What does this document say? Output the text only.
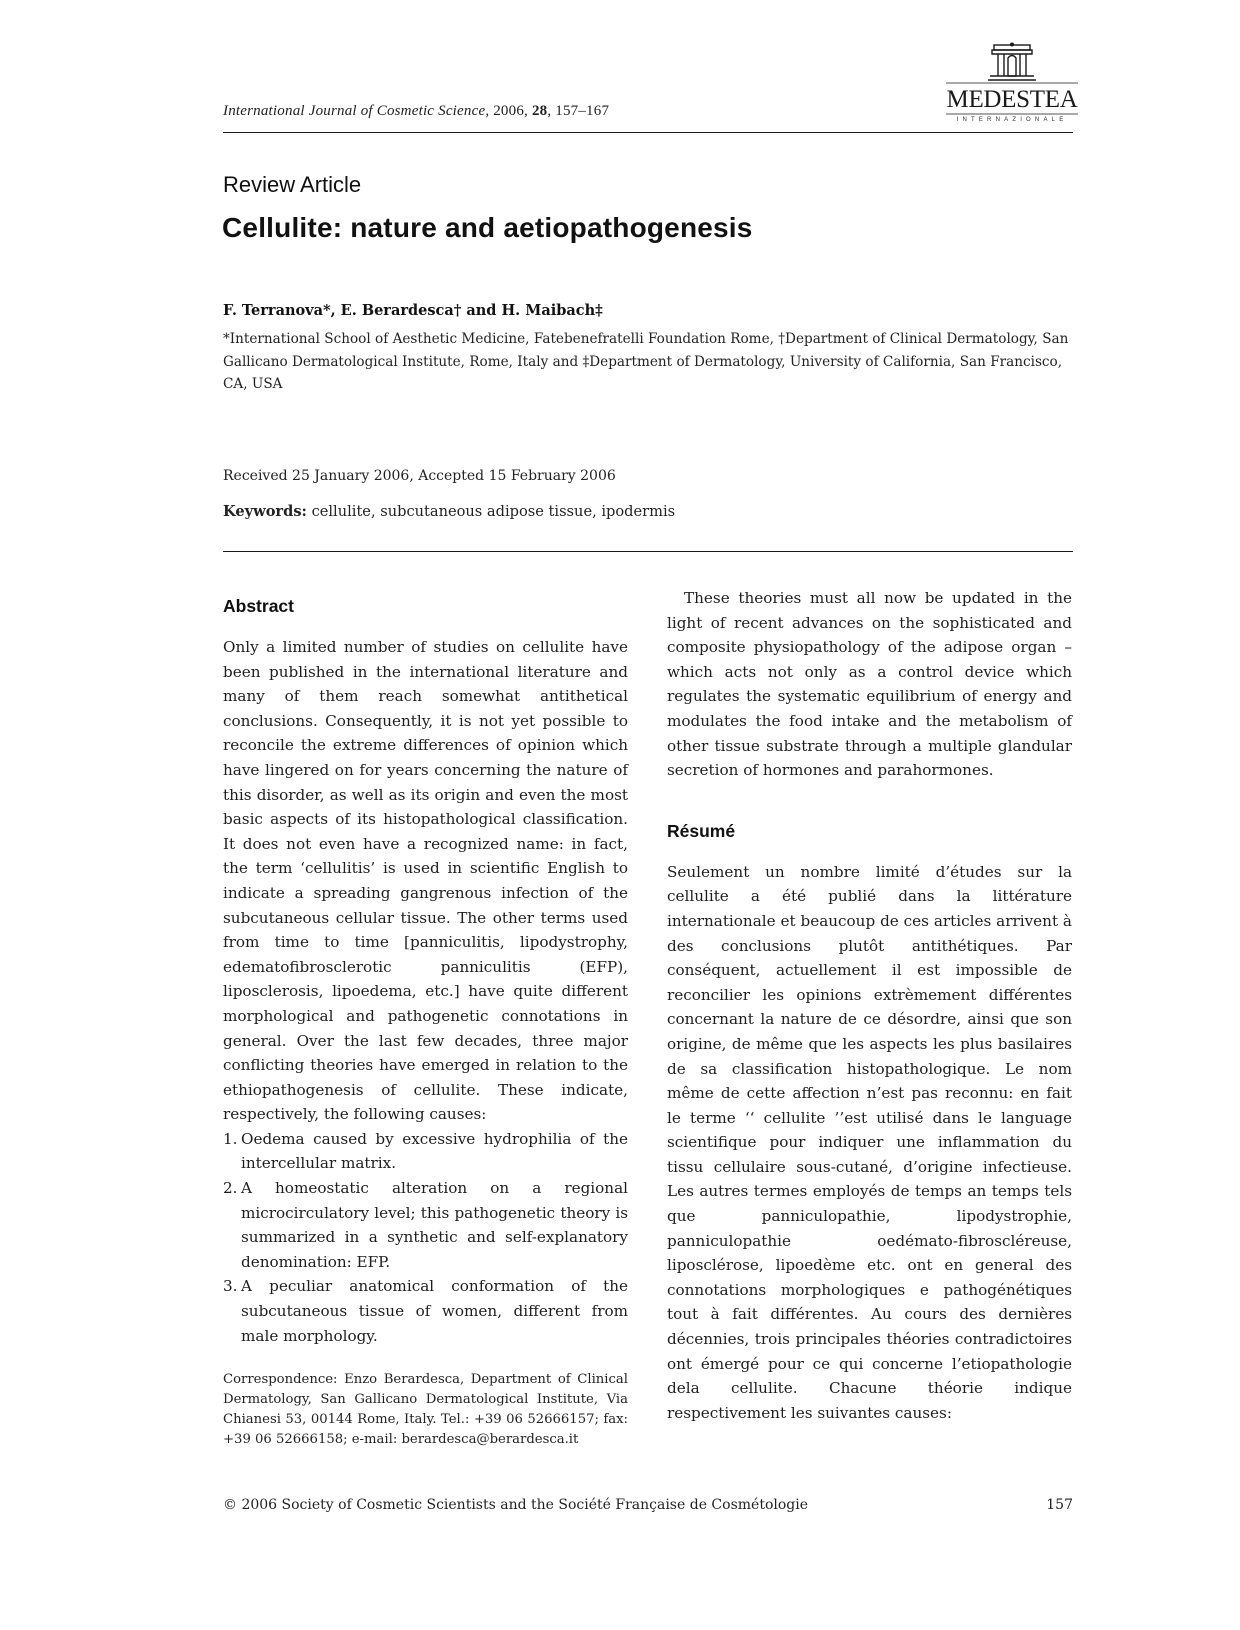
International Journal of Cosmetic Science, 2006, 28, 157–167	MEDESTEA
INTERNAZIONALE
Review Article
Cellulite: nature and aetiopathogenesis
F. Terranova*, E. Berardesca† and H. Maibach‡
*International School of Aesthetic Medicine, Fatebenefratelli Foundation Rome, †Department of Clinical Dermatology, San Gallicano Dermatological Institute, Rome, Italy and ‡Department of Dermatology, University of California, San Francisco, CA, USA
Received 25 January 2006, Accepted 15 February 2006
Keywords: cellulite, subcutaneous adipose tissue, ipodermis
Abstract
Only a limited number of studies on cellulite have been published in the international literature and many of them reach somewhat antithetical conclusions. Consequently, it is not yet possible to reconcile the extreme differences of opinion which have lingered on for years concerning the nature of this disorder, as well as its origin and even the most basic aspects of its histopathological classification. It does not even have a recognized name: in fact, the term ‘cellulitis’ is used in scientific English to indicate a spreading gangrenous infection of the subcutaneous cellular tissue. The other terms used from time to time [panniculitis, lipodystrophy, edematofibrosclerotic panniculitis (EFP), liposclerosis, lipoedema, etc.] have quite different morphological and pathogenetic connotations in general. Over the last few decades, three major conflicting theories have emerged in relation to the ethiopathogenesis of cellulite. These indicate, respectively, the following causes:
1. Oedema caused by excessive hydrophilia of the intercellular matrix.
2. A homeostatic alteration on a regional microcirculatory level; this pathogenetic theory is summarized in a synthetic and self-explanatory denomination: EFP.
3. A peculiar anatomical conformation of the subcutaneous tissue of women, different from male morphology.
Correspondence: Enzo Berardesca, Department of Clinical Dermatology, San Gallicano Dermatological Institute, Via Chianesi 53, 00144 Rome, Italy. Tel.: +39 06 52666157; fax: +39 06 52666158; e-mail: berardesca@berardesca.it
These theories must all now be updated in the light of recent advances on the sophisticated and composite physiopathology of the adipose organ – which acts not only as a control device which regulates the systematic equilibrium of energy and modulates the food intake and the metabolism of other tissue substrate through a multiple glandular secretion of hormones and parahormones.
Résumé
Seulement un nombre limité d’études sur la cellulite a été publié dans la littérature internationale et beaucoup de ces articles arrivent à des conclusions plutôt antithétiques. Par conséquent, actuellement il est impossible de reconcilier les opinions extrèmement différentes concernant la nature de ce désordre, ainsi que son origine, de même que les aspects les plus basilaires de sa classification histopathologique. Le nom même de cette affection n’est pas reconnu: en fait le terme ‘‘ cellulite ’’est utilisé dans le language scientifique pour indiquer une inflammation du tissu cellulaire sous-cutané, d’origine infectieuse. Les autres termes employés de temps an temps tels que panniculopathie, lipodystrophie, panniculopathie oedémato-fibroscléreuse, liposclérose, lipoedème etc. ont en general des connotations morphologiques e pathogénétiques tout à fait différentes. Au cours des dernières décennies, trois principales théories contradictoires ont émergé pour ce qui concerne l’etiopathologie dela cellulite. Chacune théorie indique respectivement les suivantes causes:
© 2006 Society of Cosmetic Scientists and the Société Française de Cosmétologie	157
